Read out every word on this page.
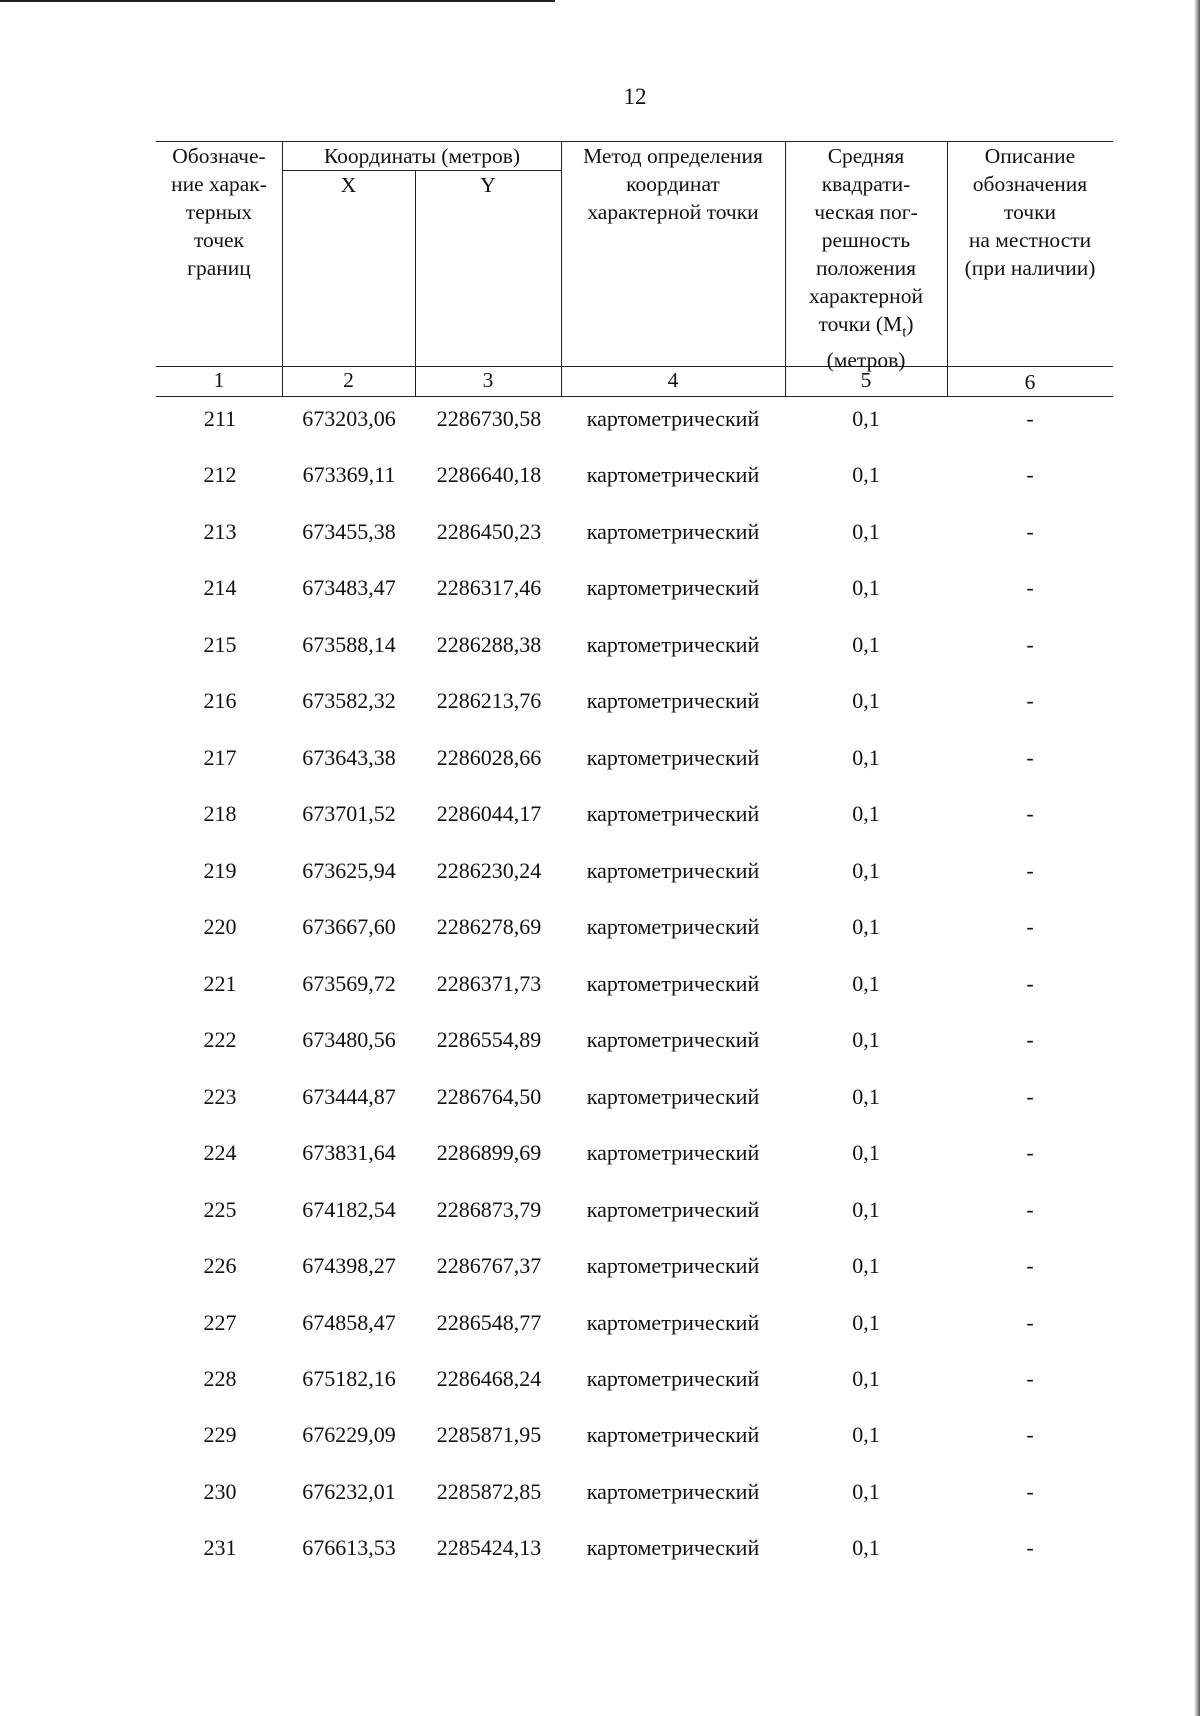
12
Обозначе-
ние харак-
терных
точек
границ
Координаты (метров)
X	Y
Метод определения
координат
характерной точки
Средняя
квадрати-
ческая пог-
решность
положения
характерной
точки $(M_t)$
(метров)
Описание
обозначения
точки
на местности
(при наличии)
1	2	3	4	5	6
211	673203,06	2286730,58	картометрический	0,1	-
212	673369,11	2286640,18	картометрический	0,1	-
213	673455,38	2286450,23	картометрический	0,1	-
214	673483,47	2286317,46	картометрический	0,1	-
215	673588,14	2286288,38	картометрический	0,1	-
216	673582,32	2286213,76	картометрический	0,1	-
217	673643,38	2286028,66	картометрический	0,1	-
218	673701,52	2286044,17	картометрический	0,1	-
219	673625,94	2286230,24	картометрический	0,1	-
220	673667,60	2286278,69	картометрический	0,1	-
221	673569,72	2286371,73	картометрический	0,1	-
222	673480,56	2286554,89	картометрический	0,1	-
223	673444,87	2286764,50	картометрический	0,1	-
224	673831,64	2286899,69	картометрический	0,1	-
225	674182,54	2286873,79	картометрический	0,1	-
226	674398,27	2286767,37	картометрический	0,1	-
227	674858,47	2286548,77	картометрический	0,1	-
228	675182,16	2286468,24	картометрический	0,1	-
229	676229,09	2285871,95	картометрический	0,1	-
230	676232,01	2285872,85	картометрический	0,1	-
231	676613,53	2285424,13	картометрический	0,1	-
